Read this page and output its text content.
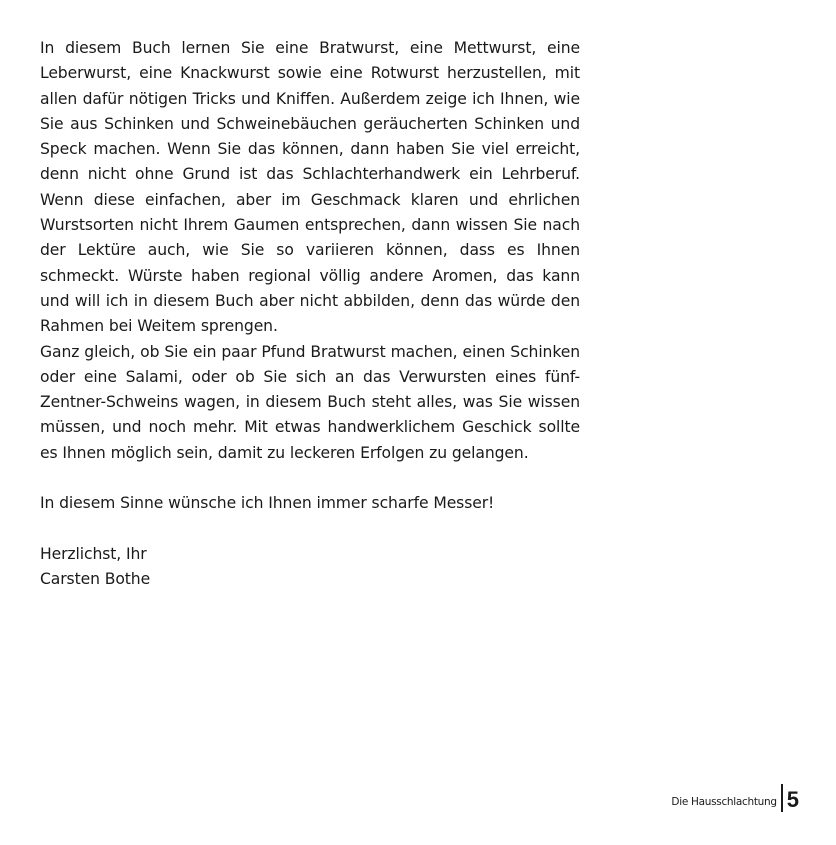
In diesem Buch lernen Sie eine Bratwurst, eine Mettwurst, eine Leberwurst, eine Knackwurst sowie eine Rotwurst herzustellen, mit allen dafür nötigen Tricks und Kniffen. Außerdem zeige ich Ihnen, wie Sie aus Schinken und Schweinebäuchen geräucherten Schinken und Speck machen. Wenn Sie das können, dann haben Sie viel erreicht, denn nicht ohne Grund ist das Schlachterhandwerk ein Lehrberuf. Wenn diese einfachen, aber im Geschmack klaren und ehrlichen Wurstsorten nicht Ihrem Gaumen entsprechen, dann wissen Sie nach der Lektüre auch, wie Sie so variieren können, dass es Ihnen schmeckt. Würste haben regional völlig andere Aromen, das kann und will ich in diesem Buch aber nicht abbilden, denn das würde den Rahmen bei Weitem sprengen.

Ganz gleich, ob Sie ein paar Pfund Bratwurst machen, einen Schinken oder eine Salami, oder ob Sie sich an das Verwursten eines fünf-Zentner-Schweins wagen, in diesem Buch steht alles, was Sie wissen müssen, und noch mehr. Mit etwas handwerklichem Geschick sollte es Ihnen möglich sein, damit zu leckeren Erfolgen zu gelangen.

In diesem Sinne wünsche ich Ihnen immer scharfe Messer!

Herzlichst, Ihr
Carsten Bothe
Die Hausschlachtung 5
